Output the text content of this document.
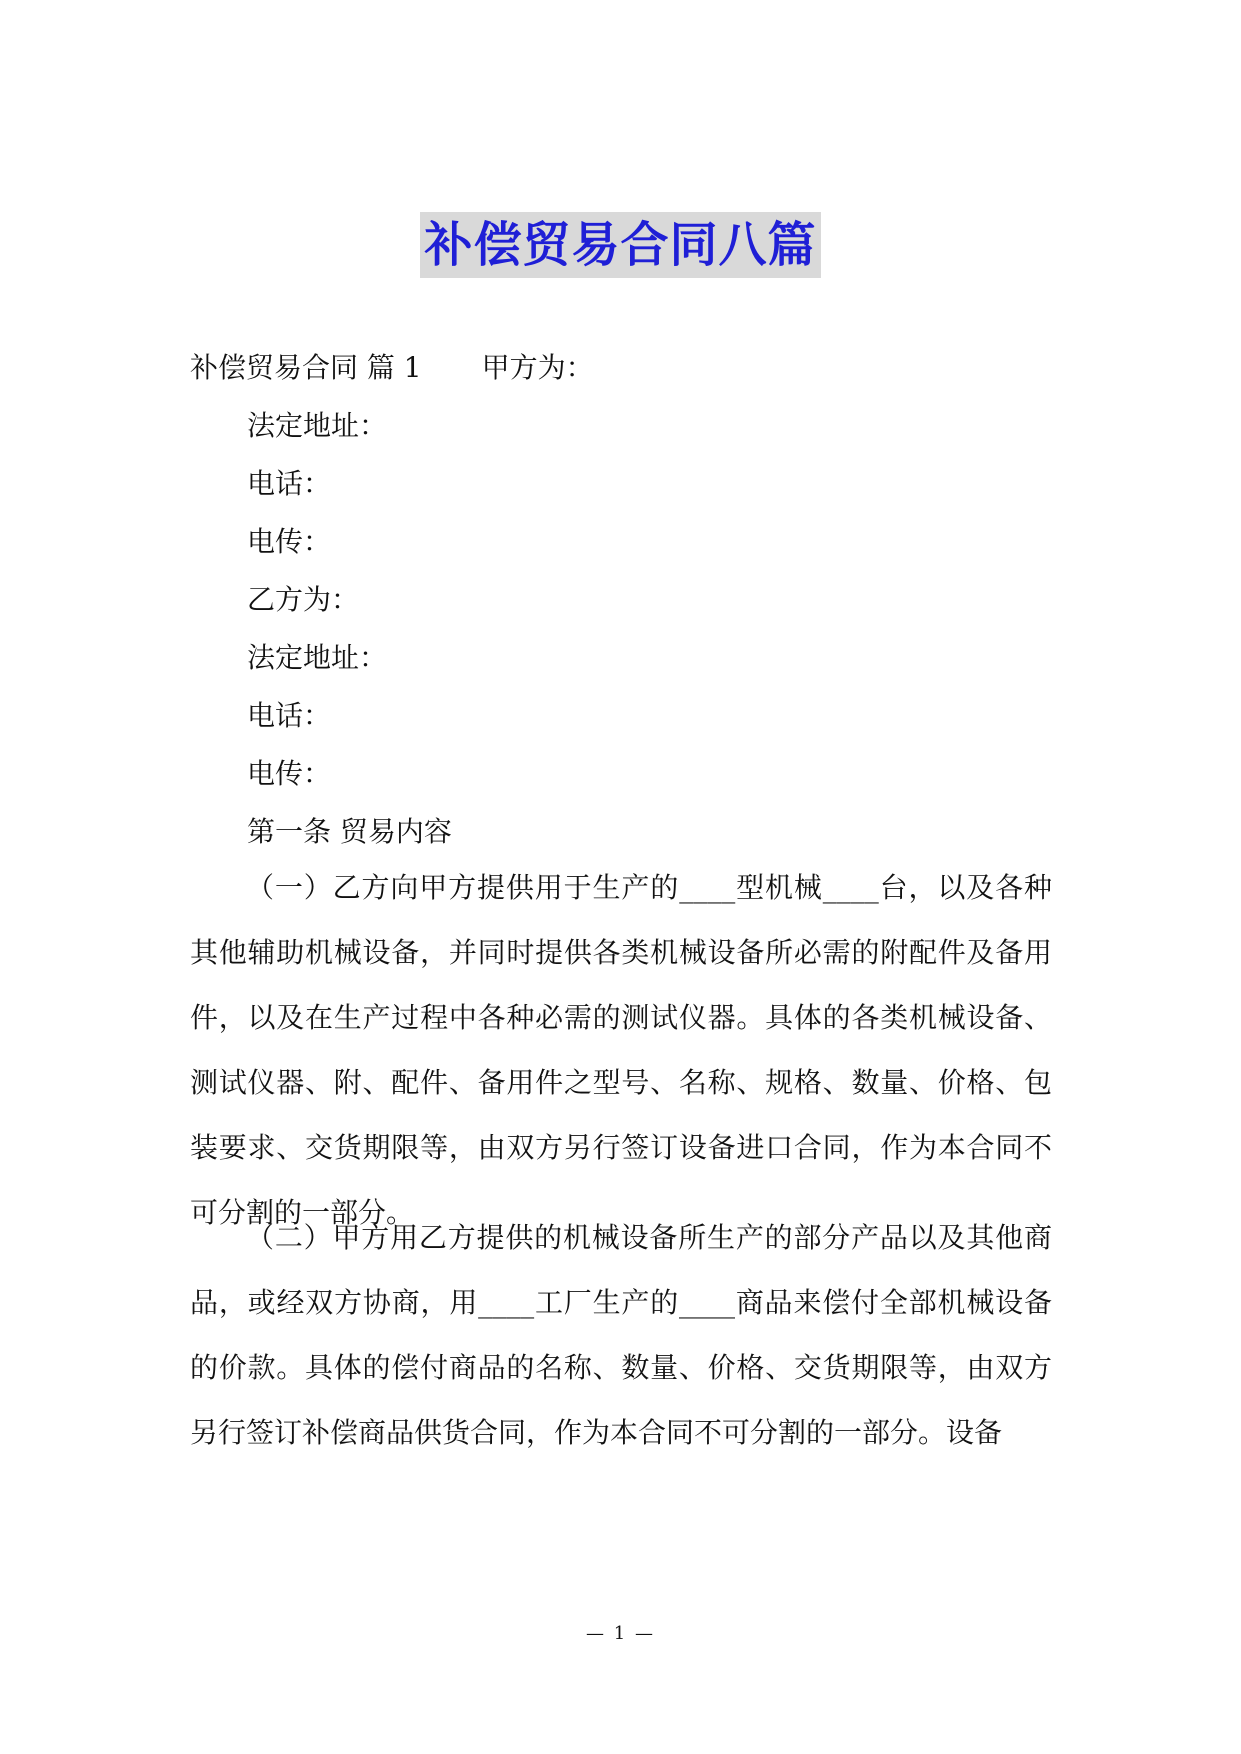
补偿贸易合同八篇
补偿贸易合同 篇 1 甲方为：
法定地址：
电话：
电传：
乙方为：
法定地址：
电话：
电传：
第一条 贸易内容
（一）乙方向甲方提供用于生产的____型机械____台，以及各种其他辅助机械设备，并同时提供各类机械设备所必需的附配件及备用件，以及在生产过程中各种必需的测试仪器。具体的各类机械设备、测试仪器、附、配件、备用件之型号、名称、规格、数量、价格、包装要求、交货期限等，由双方另行签订设备进口合同，作为本合同不可分割的一部分。
（二）甲方用乙方提供的机械设备所生产的部分产品以及其他商品，或经双方协商，用____工厂生产的____商品来偿付全部机械设备的价款。具体的偿付商品的名称、数量、价格、交货期限等，由双方另行签订补偿商品供货合同，作为本合同不可分割的一部分。设备
— 1 —
